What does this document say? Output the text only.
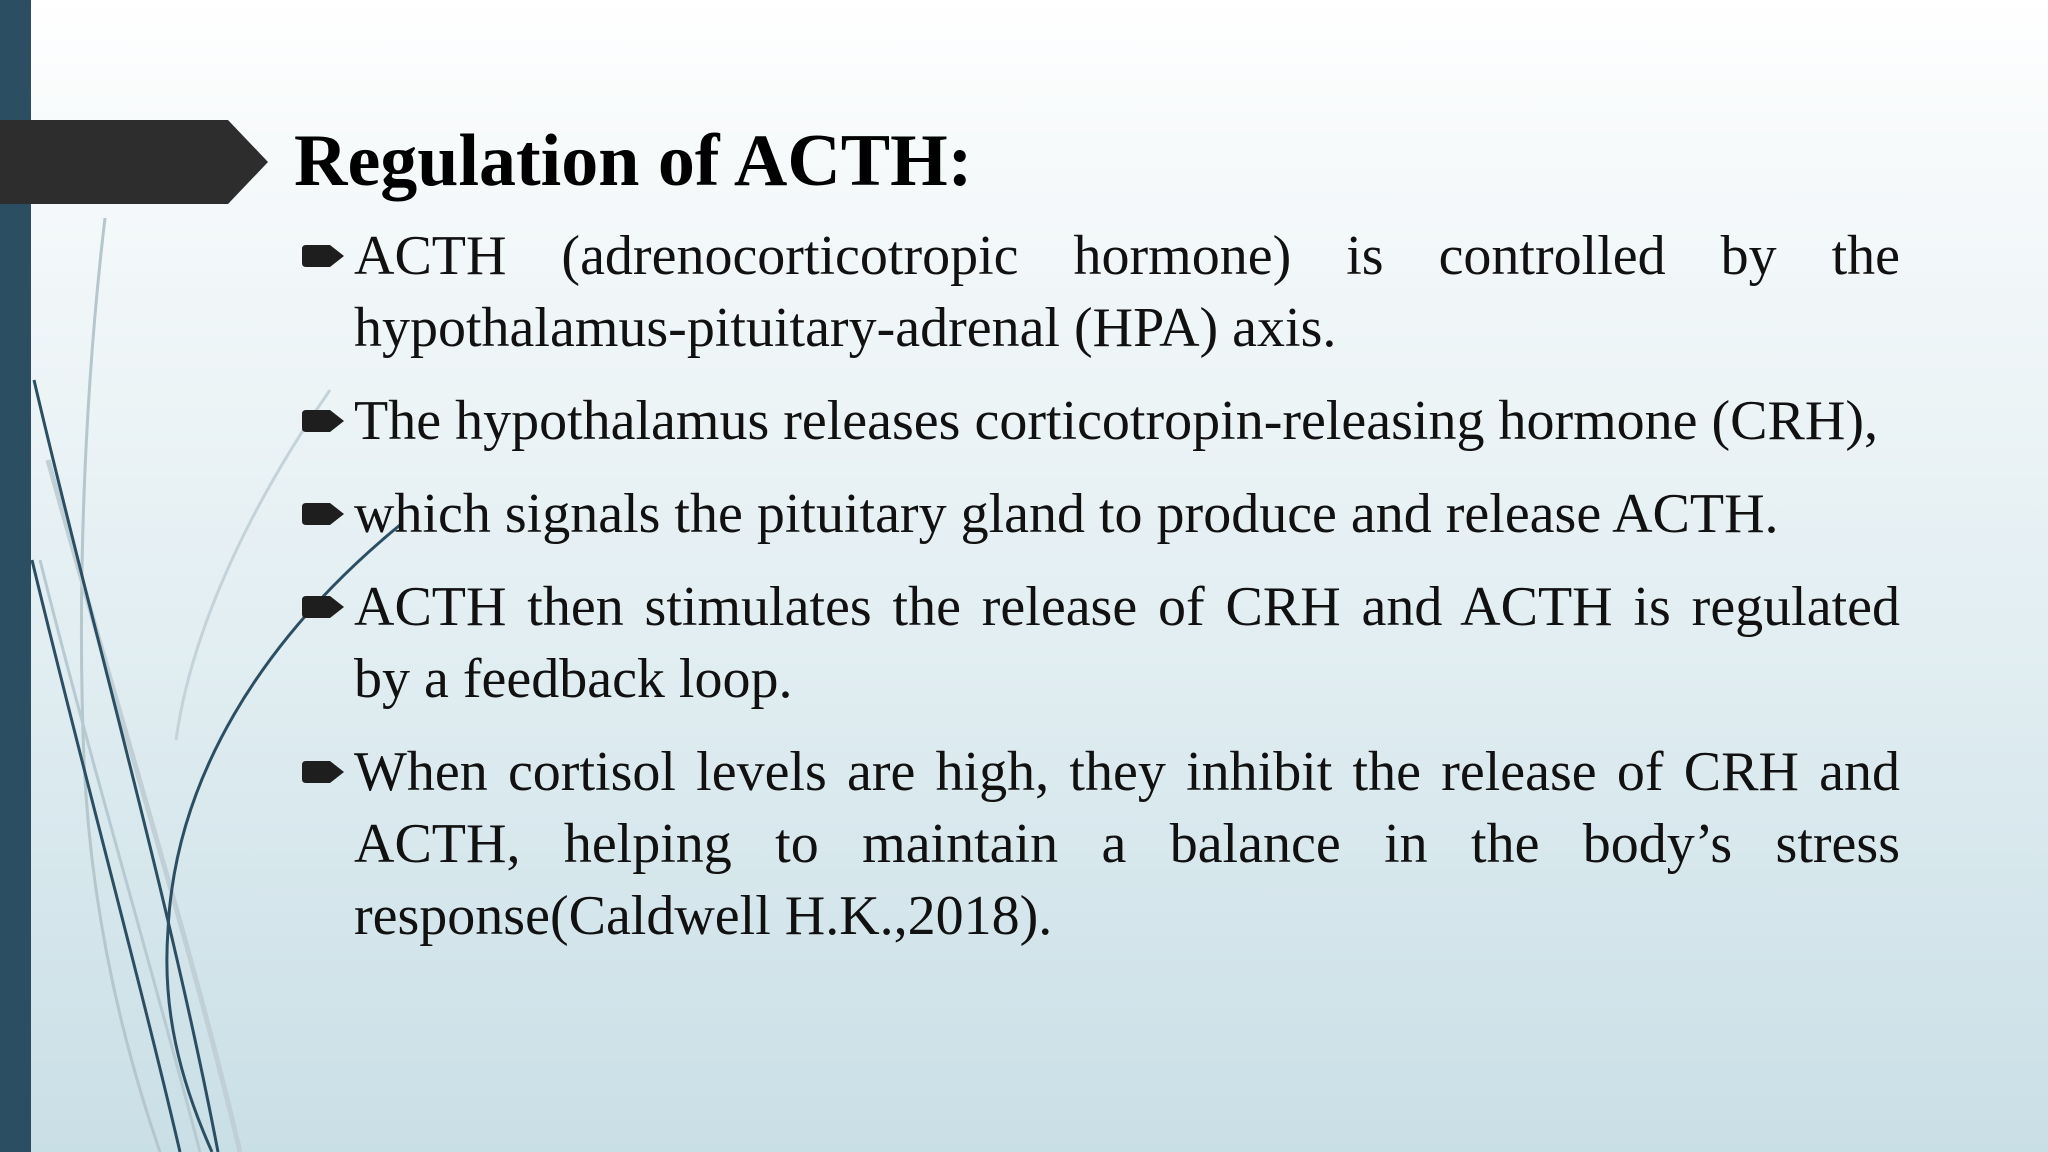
Regulation of ACTH:

ACTH (adrenocorticotropic hormone) is controlled by the hypothalamus-pituitary-adrenal (HPA) axis.

The hypothalamus releases corticotropin-releasing hormone (CRH),

which signals the pituitary gland to produce and release ACTH.

ACTH then stimulates the release of CRH and ACTH is regulated by a feedback loop.

When cortisol levels are high, they inhibit the release of CRH and ACTH, helping to maintain a balance in the body’s stress response(Caldwell H.K.,2018).
